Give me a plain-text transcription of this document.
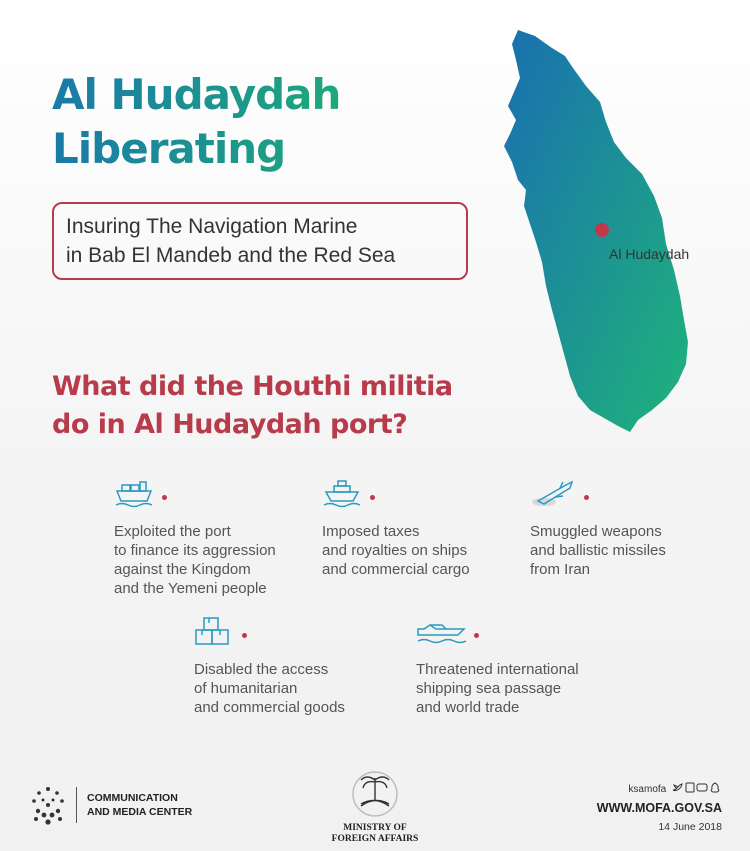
Al Hudaydah
Liberating
Insuring The Navigation Marine
in Bab El Mandeb and the Red Sea	Al Hudaydah
What did the Houthi militia
do in Al Hudaydah port?
Exploited the port
to finance its aggression
against the Kingdom
and the Yemeni people
Imposed taxes
and royalties on ships
and commercial cargo
Smuggled weapons
and ballistic missiles
from Iran
Disabled the access
of humanitarian
and commercial goods
Threatened international
shipping sea passage
and world trade
COMMUNICATION
AND MEDIA CENTER
MINISTRY OF
FOREIGN AFFAIRS
ksamofa
WWW.MOFA.GOV.SA
14 June 2018
